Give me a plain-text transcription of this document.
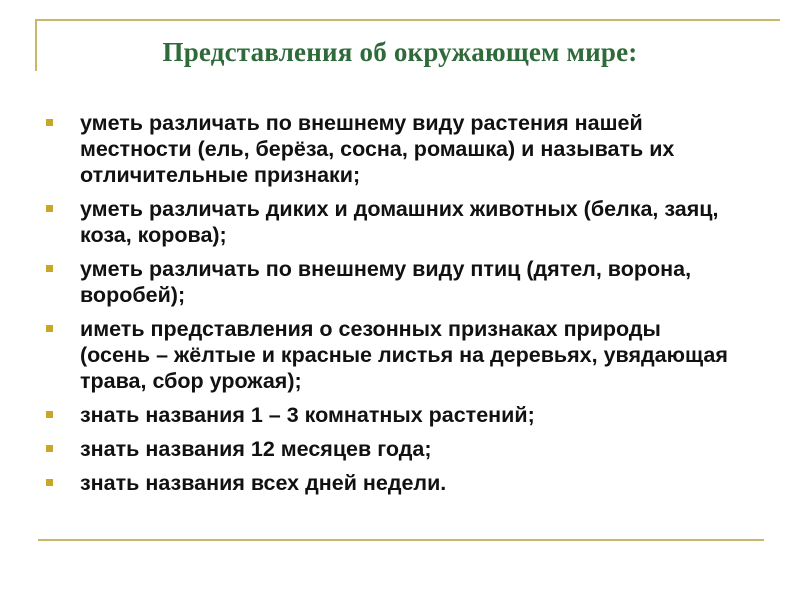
Представления об окружающем мире:
уметь различать по внешнему виду растения нашей местности (ель, берёза, сосна, ромашка) и называть их отличительные признаки;
уметь различать диких и домашних животных (белка, заяц, коза, корова);
уметь различать по внешнему виду птиц (дятел, ворона, воробей);
иметь представления о сезонных признаках природы (осень – жёлтые и красные листья на деревьях, увядающая трава, сбор урожая);
знать названия 1 – 3 комнатных растений;
знать названия 12 месяцев года;
знать названия всех дней недели.
